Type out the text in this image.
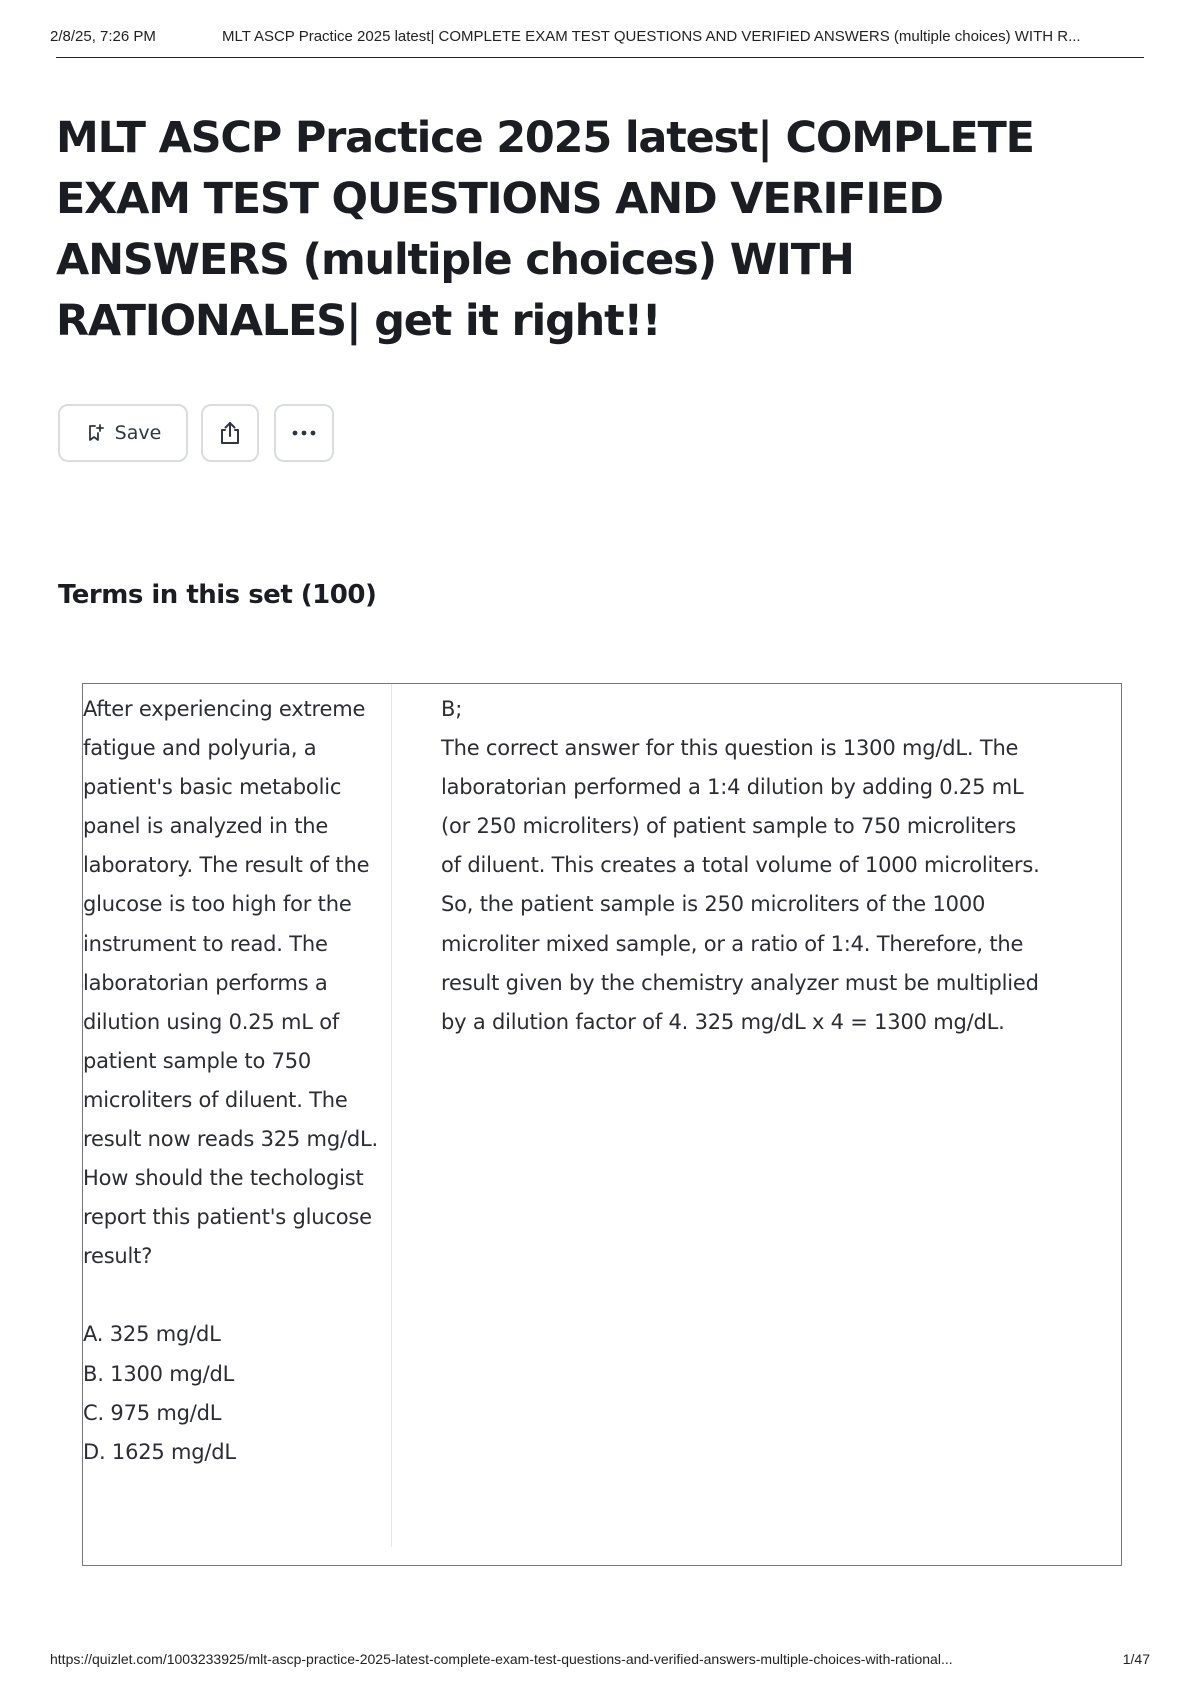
2/8/25, 7:26 PM	MLT ASCP Practice 2025 latest| COMPLETE EXAM TEST QUESTIONS AND VERIFIED ANSWERS (multiple choices) WITH R...
MLT ASCP Practice 2025 latest| COMPLETE EXAM TEST QUESTIONS AND VERIFIED ANSWERS (multiple choices) WITH RATIONALES| get it right!!
Save
Terms in this set (100)
After experiencing extreme fatigue and polyuria, a patient's basic metabolic panel is analyzed in the laboratory. The result of the glucose is too high for the instrument to read. The laboratorian performs a dilution using 0.25 mL of patient sample to 750 microliters of diluent. The result now reads 325 mg/dL. How should the techologist report this patient's glucose result?
A. 325 mg/dL
B. 1300 mg/dL
C. 975 mg/dL
D. 1625 mg/dL
B;
The correct answer for this question is 1300 mg/dL. The laboratorian performed a 1:4 dilution by adding 0.25 mL (or 250 microliters) of patient sample to 750 microliters of diluent. This creates a total volume of 1000 microliters. So, the patient sample is 250 microliters of the 1000 microliter mixed sample, or a ratio of 1:4. Therefore, the result given by the chemistry analyzer must be multiplied by a dilution factor of 4. 325 mg/dL x 4 = 1300 mg/dL.
https://quizlet.com/1003233925/mlt-ascp-practice-2025-latest-complete-exam-test-questions-and-verified-answers-multiple-choices-with-rational...	1/47
